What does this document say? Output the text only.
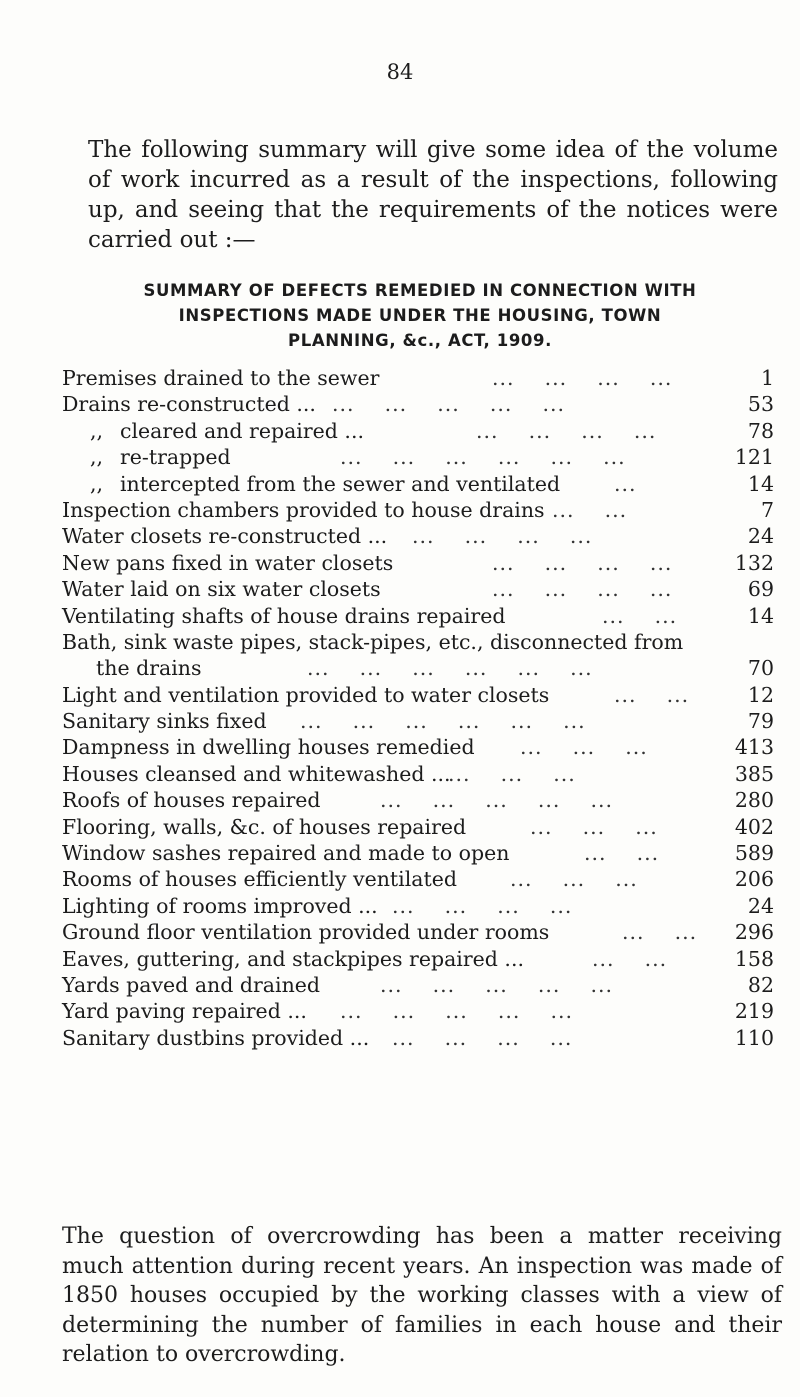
84

The following summary will give some idea of the volume of work incurred as a result of the inspections, following up, and seeing that the requirements of the notices were carried out :—

SUMMARY OF DEFECTS REMEDIED IN CONNECTION WITH
INSPECTIONS MADE UNDER THE HOUSING, TOWN
PLANNING, &c., ACT, 1909.
Premises drained to the sewer	...    ...    ...    ...	1
Drains re-constructed ... ...    ...    ...    ...    ...	53
,, cleared and repaired ...	...    ...    ...    ...	78
,, re-trapped	...    ...    ...    ...    ...    ...	121
,, intercepted from the sewer and ventilated	...	14
Inspection chambers provided to house drains ...    ...	7
Water closets re-constructed ... ...    ...    ...    ...	24
New pans fixed in water closets	...    ...    ...    ...	132
Water laid on six water closets	...    ...    ...    ...	69
Ventilating shafts of house drains repaired	...    ...	14
Bath, sink waste pipes, stack-pipes, etc., disconnected from
the drains	...    ...    ...    ...    ...    ...	70
Light and ventilation provided to water closets	...    ...	12
Sanitary sinks fixed ...    ...    ...    ...    ...    ...	79
Dampness in dwelling houses remedied ...    ...    ...	413
Houses cleansed and whitewashed ...
...    ...    ...	385
Roofs of houses repaired	...    ...    ...    ...    ...	280
Flooring, walls, &c. of houses repaired	...    ...    ...	402
Window sashes repaired and made to open	...    ...	589
Rooms of houses efficiently ventilated	...    ...    ...	206
Lighting of rooms improved ... ...    ...    ...    ...	24
Ground floor ventilation provided under rooms	...    ...	296
Eaves, guttering, and stackpipes repaired ...	...    ...	158
Yards paved and drained	...    ...    ...    ...    ...	82
Yard paving repaired ... ...    ...    ...    ...    ...	219
Sanitary dustbins provided ... ...    ...    ...    ...	110

The question of overcrowding has been a matter receiving much attention during recent years. An inspection was made of 1850 houses occupied by the working classes with a view of determining the number of families in each house and their relation to overcrowding.
